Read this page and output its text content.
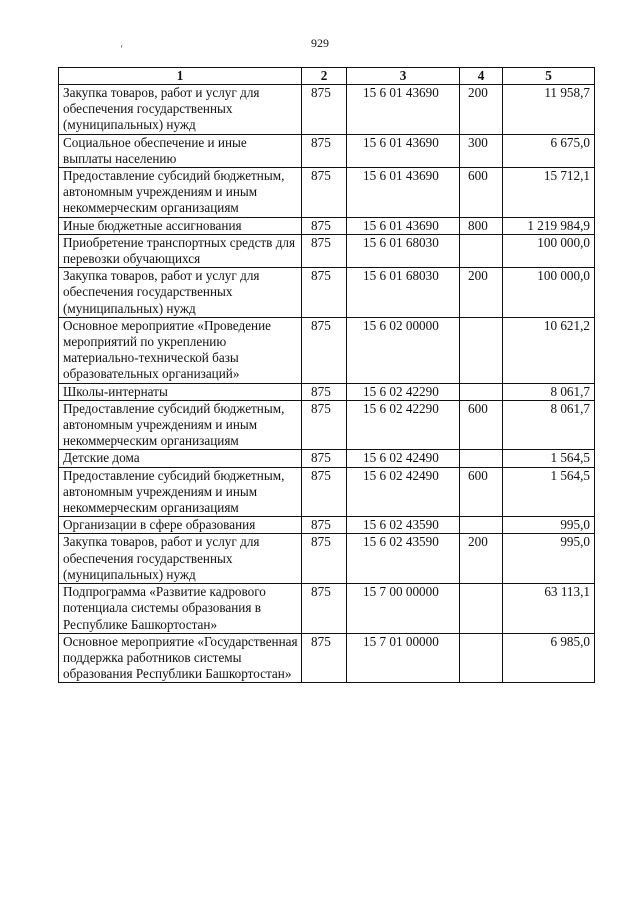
929
‘
1	2	3	4	5
Закупка товаров, работ и услуг для обеспечения государственных (муниципальных) нужд	875	15 6 01 43690	200	11 958,7
Социальное обеспечение и иные выплаты населению	875	15 6 01 43690	300	6 675,0
Предоставление субсидий бюджетным, автономным учреждениям и иным некоммерческим организациям	875	15 6 01 43690	600	15 712,1
Иные бюджетные ассигнования	875	15 6 01 43690	800	1 219 984,9
Приобретение транспортных средств для перевозки обучающихся	875	15 6 01 68030		100 000,0
Закупка товаров, работ и услуг для обеспечения государственных (муниципальных) нужд	875	15 6 01 68030	200	100 000,0
Основное мероприятие «Проведение мероприятий по укреплению материально-технической базы образовательных организаций»	875	15 6 02 00000		10 621,2
Школы-интернаты	875	15 6 02 42290		8 061,7
Предоставление субсидий бюджетным, автономным учреждениям и иным некоммерческим организациям	875	15 6 02 42290	600	8 061,7
Детские дома	875	15 6 02 42490		1 564,5
Предоставление субсидий бюджетным, автономным учреждениям и иным некоммерческим организациям	875	15 6 02 42490	600	1 564,5
Организации в сфере образования	875	15 6 02 43590		995,0
Закупка товаров, работ и услуг для обеспечения государственных (муниципальных) нужд	875	15 6 02 43590	200	995,0
Подпрограмма «Развитие кадрового потенциала системы образования в Республике Башкортостан»	875	15 7 00 00000		63 113,1
Основное мероприятие «Государственная поддержка работников системы образования Республики Башкортостан»	875	15 7 01 00000		6 985,0
